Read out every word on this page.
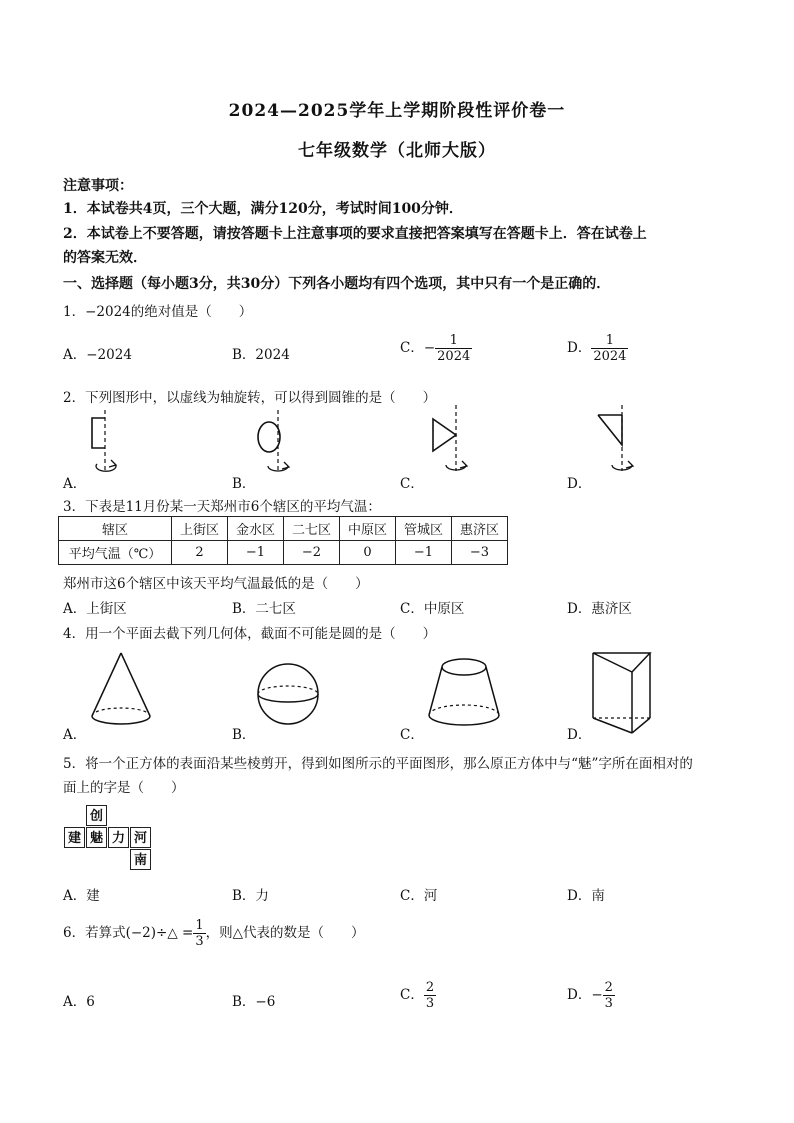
2024—2025学年上学期阶段性评价卷一
七年级数学（北师大版）
注意事项：
1．本试卷共4页，三个大题，满分120分，考试时间100分钟．
2．本试卷上不要答题，请按答题卡上注意事项的要求直接把答案填写在答题卡上．答在试卷上
的答案无效．
一、选择题（每小题3分，共30分）下列各小题均有四个选项，其中只有一个是正确的．
1．−2024的绝对值是（　　）
A．−2024	B．2024	C．− $\frac{1}{2024}$	D． $\frac{1}{2024}$
2．下列图形中，以虚线为轴旋转，可以得到圆锥的是（　　）
A．	B．	C．	D．
3．下表是11月份某一天郑州市6个辖区的平均气温：
辖区	上街区	金水区	二七区	中原区	管城区	惠济区
平均气温（℃）	2	−1	−2	0	−1	−3
郑州市这6个辖区中该天平均气温最低的是（　　）
A．上街区	B．二七区	C．中原区	D．惠济区
4．用一个平面去截下列几何体，截面不可能是圆的是（　　）
A．	B．	C．	D．
5．将一个正方体的表面沿某些棱剪开，得到如图所示的平面图形，那么原正方体中与“魅”字所在面相对的
面上的字是（　　）
创
建 魅 力 河
南
A．建	B．力	C．河	D．南
6．若算式(−2)÷△ = $\frac{1}{3}$ ，则△代表的数是（　　）
A．6	B．−6	C． $\frac{2}{3}$	D．− $\frac{2}{3}$
